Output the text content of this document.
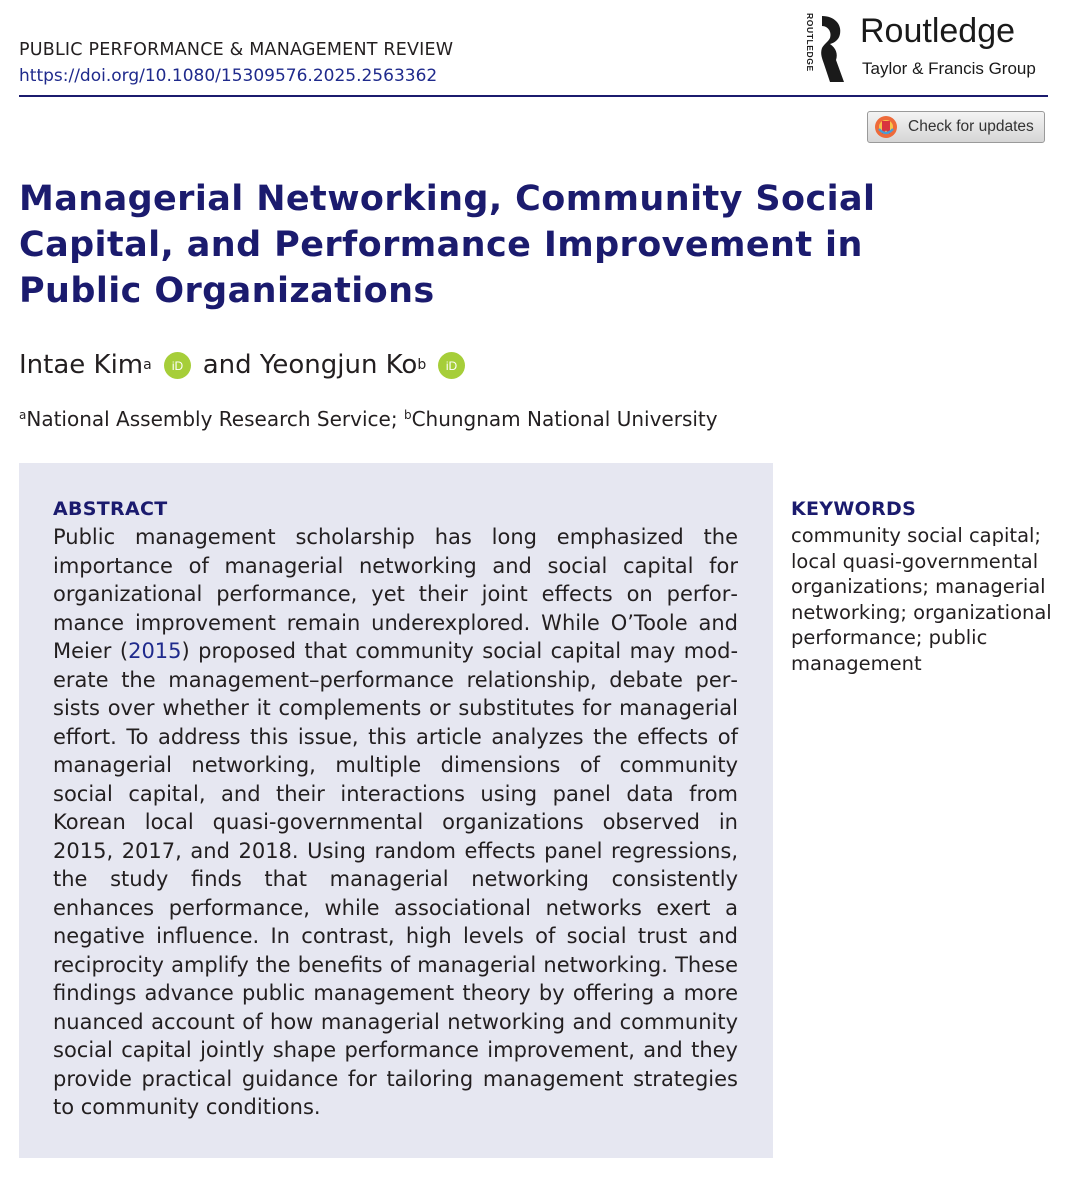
PUBLIC PERFORMANCE & MANAGEMENT REVIEW
https://doi.org/10.1080/15309576.2025.2563362
ROUTLEDGE Routledge
Taylor & Francis Group
Check for updates
Managerial Networking, Community Social Capital, and Performance Improvement in Public Organizations
Intae Kim a iD and
Yeongjun Ko b iD
$^a$National Assembly Research Service; $^b$Chungnam National University
ABSTRACT

Public management scholarship has long emphasized the importance of managerial networking and social capital for organizational performance, yet their joint effects on performance improvement remain underexplored. While O’Toole and Meier (2015) proposed that community social capital may moderate the management–performance relationship, debate persists over whether it complements or substitutes for managerial effort. To address this issue, this article analyzes the effects of managerial networking, multiple dimensions of community social capital, and their interactions using panel data from Korean local quasi-governmental organizations observed in 2015, 2017, and 2018. Using random effects panel regressions, the study finds that managerial networking consistently enhances performance, while associational networks exert a negative influence. In contrast, high levels of social trust and reciprocity amplify the benefits of managerial networking. These findings advance public management theory by offering a more nuanced account of how managerial networking and community social capital jointly shape performance improvement, and they provide practical guidance for tailoring management strategies to community conditions.

KEYWORDS

community social capital; local quasi-governmental organizations; managerial networking; organizational performance; public management
